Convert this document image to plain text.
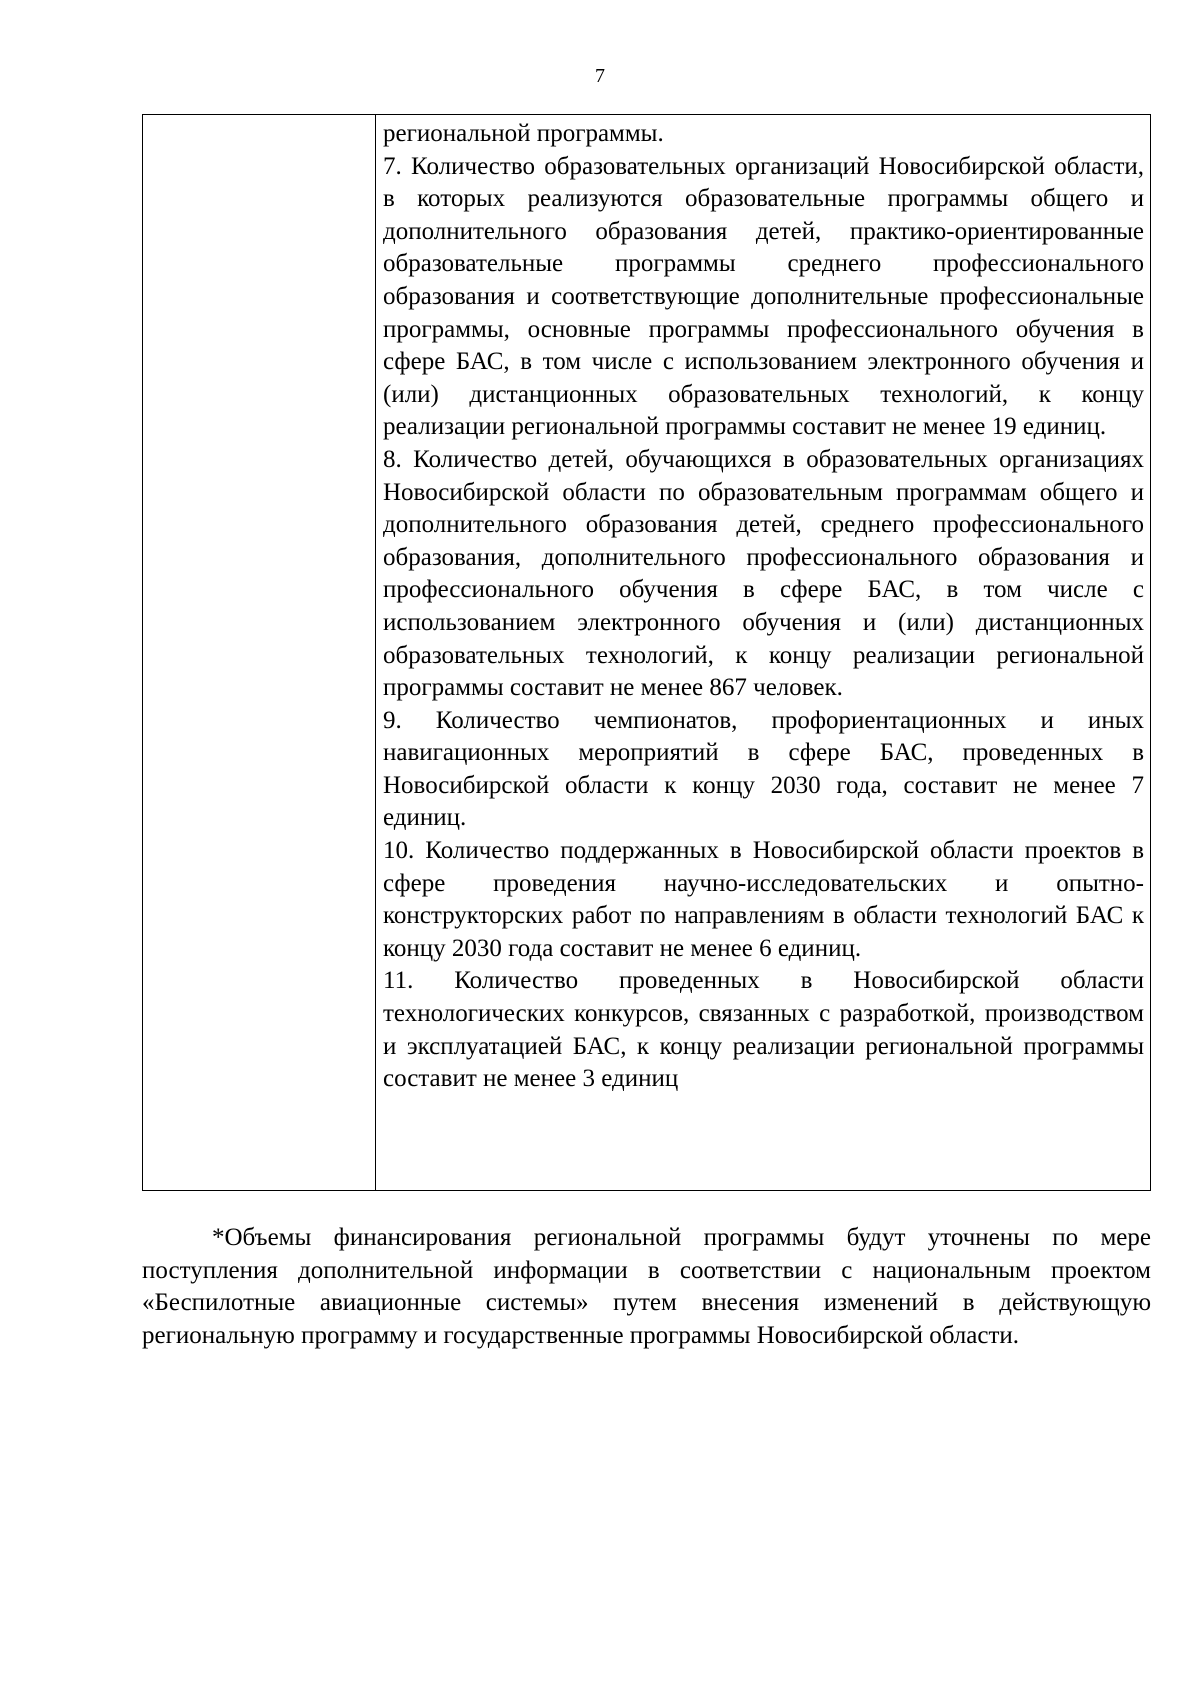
7

региональной программы.

7. Количество образовательных организаций Новосибирской области, в которых реализуются образовательные программы общего и дополнительного образования детей, практико-ориентированные образовательные программы среднего профессионального образования и соответствующие дополнительные профессиональные программы, основные программы профессионального обучения в сфере БАС, в том числе с использованием электронного обучения и (или) дистанционных образовательных технологий, к концу реализации региональной программы составит не менее 19 единиц.

8. Количество детей, обучающихся в образовательных организациях Новосибирской области по образовательным программам общего и дополнительного образования детей, среднего профессионального образования, дополнительного профессионального образования и профессионального обучения в сфере БАС, в том числе с использованием электронного обучения и (или) дистанционных образовательных технологий, к концу реализации региональной программы составит не менее 867 человек.

9. Количество чемпионатов, профориентационных и иных навигационных мероприятий в сфере БАС, проведенных в Новосибирской области к концу 2030 года, составит не менее 7 единиц.

10. Количество поддержанных в Новосибирской области проектов в сфере проведения научно-исследовательских и опытно-конструкторских работ по направлениям в области технологий БАС к концу 2030 года составит не менее 6 единиц.

11. Количество проведенных в Новосибирской области технологических конкурсов, связанных с разработкой, производством и эксплуатацией БАС, к концу реализации региональной программы составит не менее 3 единиц

*Объемы финансирования региональной программы будут уточнены по мере поступления дополнительной информации в соответствии с национальным проектом «Беспилотные авиационные системы» путем внесения изменений в действующую региональную программу и государственные программы Новосибирской области.
